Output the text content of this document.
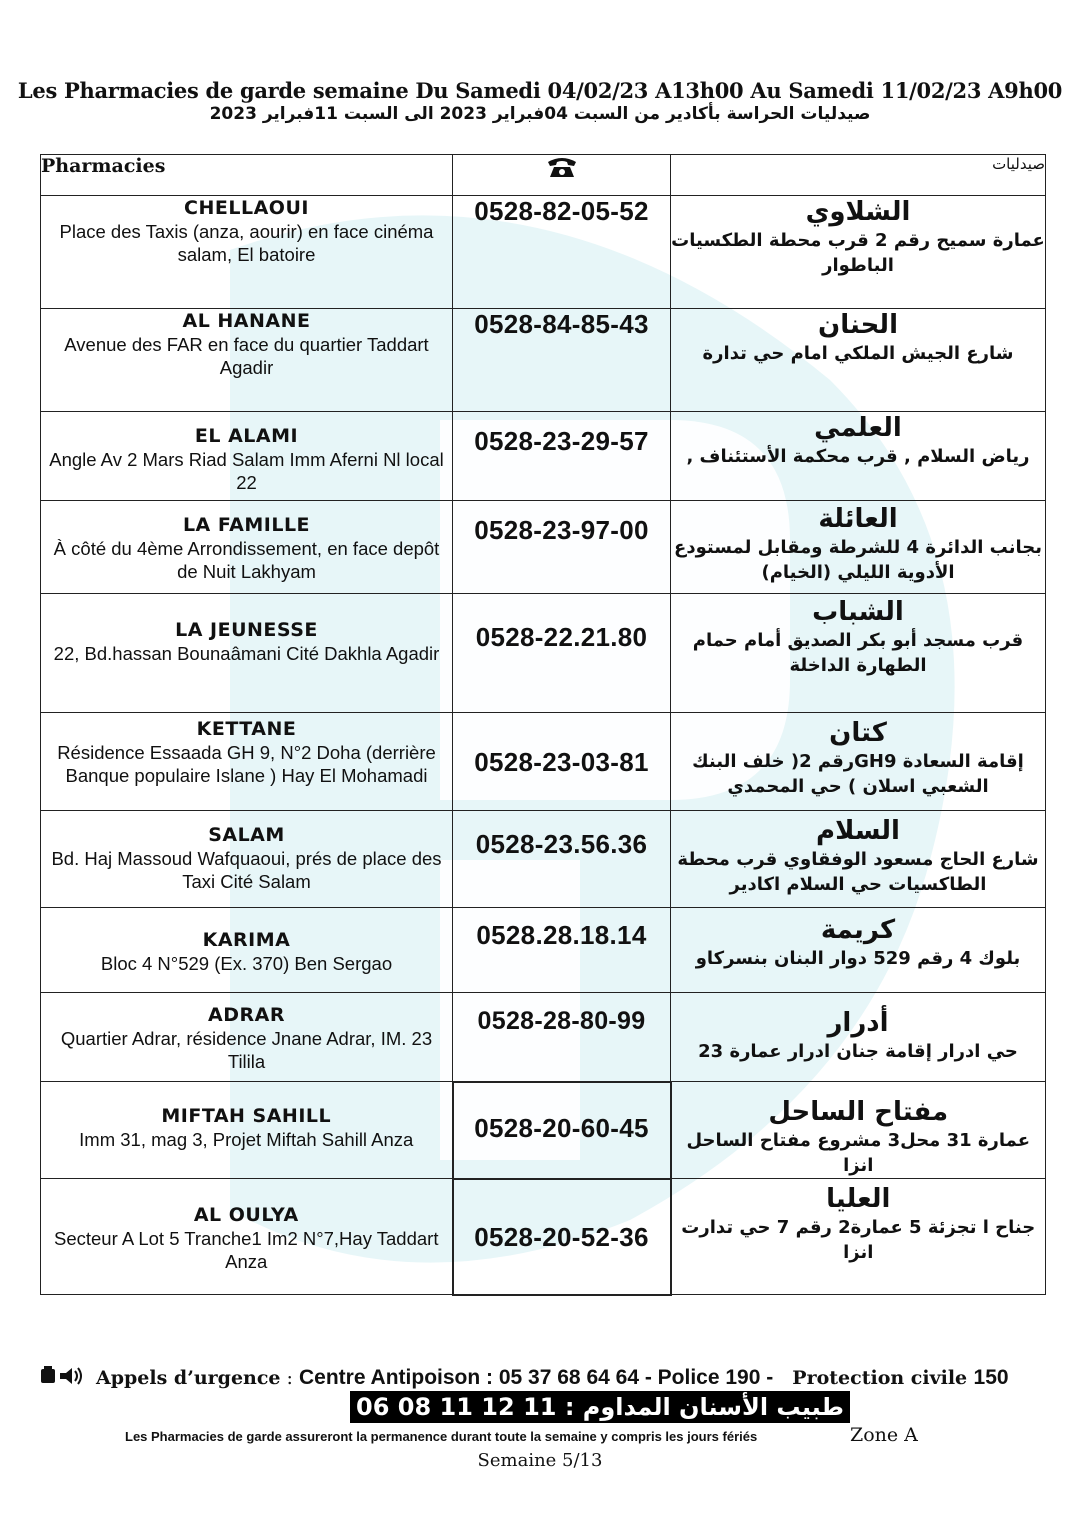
Les Pharmacies de garde semaine Du Samedi 04/02/23 A13h00 Au Samedi 11/02/23 A9h00
صيدليات الحراسة بأكادير من السبت 04فبراير 2023 الى السبت 11فبراير 2023
Pharmacies		صيدليات

CHELLAOUI
Place des Taxis (anza, aourir) en face cinéma salam, El batoire	0528-82-05-52	الشلاوي
عمارة سميح رقم 2 قرب محطة الطكسيات الباطوار

AL HANANE
Avenue des FAR en face du quartier Taddart Agadir	0528-84-85-43	الحنان
شارع الجيش الملكي امام حي تدارة

EL ALAMI
Angle Av 2 Mars Riad Salam Imm Aferni Nl local 22	0528-23-29-57	العلمي
رياض السلام , قرب محكمة الأستئناف ,

LA FAMILLE
À côté du 4ème Arrondissement, en face depôt de Nuit Lakhyam	0528-23-97-00	العائلة
بجانب الدائرة 4 للشرطة ومقابل لمستودع الأدوية الليلي (الخيام)

LA JEUNESSE
22, Bd.hassan Bounaâmani Cité Dakhla Agadir	0528-22.21.80	الشباب
قرب مسجد أبو بكر الصديق أمام حمام الطهارة الداخلة

KETTANE
Résidence Essaada GH 9, N°2 Doha (derrière Banque populaire Islane ) Hay El Mohamadi	0528-23-03-81	كتان
إقامة السعادة GH9رقم 2( خلف البنك الشعبي اسلان ) حي المحمدي

SALAM
Bd. Haj Massoud Wafquaoui, prés de place des Taxi Cité Salam	0528-23.56.36	السلام
شارع الحاج مسعود الوفقاوي قرب محطة الطاكسيات حي السلام اكادير

KARIMA
Bloc 4 N°529 (Ex. 370) Ben Sergao	0528.28.18.14	كريمة
بلوك 4 رقم 529 دوار البنان بنسركاو

ADRAR
Quartier Adrar, résidence Jnane Adrar, IM. 23 Tilila	0528-28-80-99	أدرار
حي ادرار إقامة جنان ادرار عمارة 23

MIFTAH SAHILL
Imm 31, mag 3, Projet Miftah Sahill Anza	0528-20-60-45	مفتاح الساحل
عمارة 31 محل3 مشروع مفتاح الساحل انزا

AL OULYA
Secteur A Lot 5 Tranche1 Im2 N°7,Hay Taddart Anza	0528-20-52-36	العليا
جناح ا تجزئة 5 عمارة2 رقم 7 حي تدارت انزا
Appels d’urgence : Centre Antipoison : 05 37 68 64 64 - Police 190 - Protection civile 150
طبيب الأسنان المداوم : 11 12 11 08 06
Les Pharmacies de garde assureront la permanence durant toute la semaine y compris les jours fériés	Zone A
Semaine 5/13
